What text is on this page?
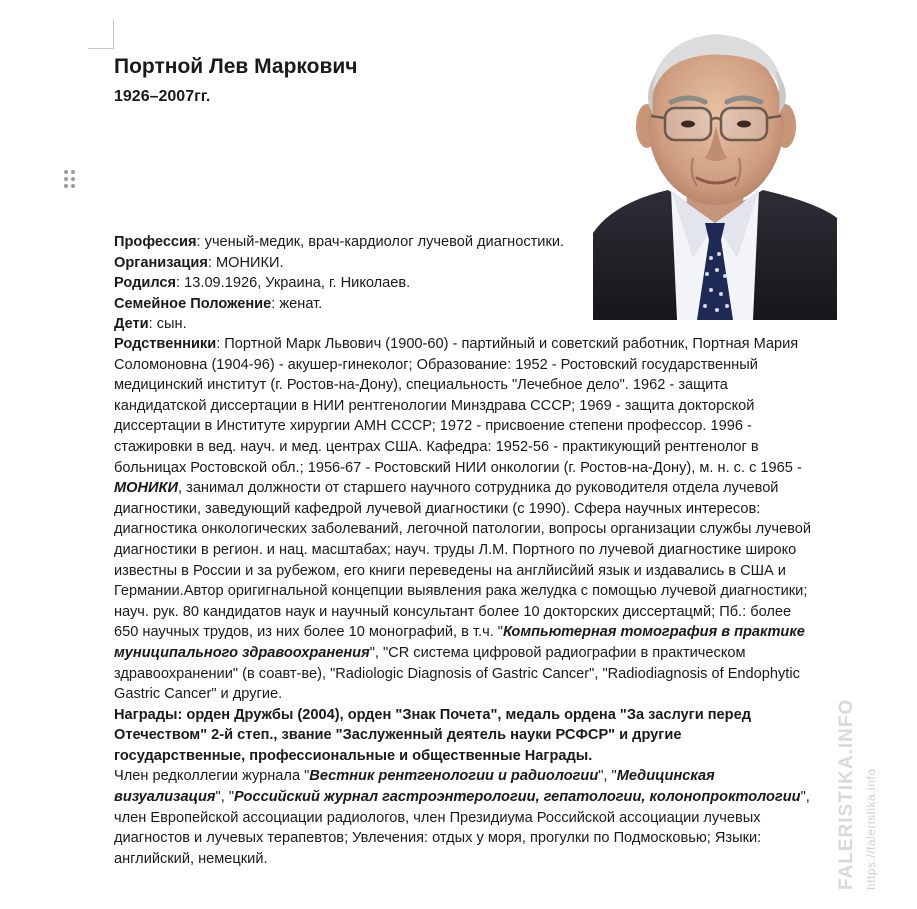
Портной Лев Маркович
1926–2007гг.
Профессия: ученый-медик, врач-кардиолог лучевой диагностики.
Организация: МОНИКИ.
Родился: 13.09.1926, Украина, г. Николаев.
Семейное Положение: женат.
Дети: сын.

Родственники: Портной Марк Львович (1900-60) - партийный и советский работник, Портная Мария Соломоновна (1904-96) - акушер-гинеколог; Образование: 1952 - Ростовский государственный медицинский институт (г. Ростов-на-Дону), специальность "Лечебное дело". 1962 - защита кандидатской диссертации в НИИ рентгенологии Минздрава СССР; 1969 - защита докторской диссертации в Институте хирургии АМН СССР; 1972 - присвоение степени профессор. 1996 - стажировки в вед. науч. и мед. центрах США. Кафедра: 1952-56 - практикующий рентгенолог в больницах Ростовской обл.; 1956-67 - Ростовский НИИ онкологии (г. Ростов-на-Дону), м. н. с. с 1965 - МОНИКИ, занимал должности от старшего научного сотрудника до руководителя отдела лучевой диагностики, заведующий кафедрой лучевой диагностики (с 1990). Сфера научных интересов: диагностика онкологических заболеваний, легочной патологии, вопросы организации службы лучевой диагностики в регион. и нац. масштабах; науч. труды Л.М. Портного по лучевой диагностике широко известны в России и за рубежом, его книги переведены на англйисйий язык и издавались в США и Германии.Автор оригигнальной концепции выявления рака желудка с помощью лучевой диагностики; науч. рук. 80 кандидатов наук и научный консультант более 10 докторских диссертацмй; Пб.: более 650 научных трудов, из них более 10 монографий, в т.ч. "Компьютерная томография в практике муниципального здравоохранения", "CR система цифровой радиографии в практическом здравоохранении" (в соавт-ве), "Radiologic Diagnosis of Gastric Cancer", "Radiodiagnosis of Endophytic Gastric Cancer" и другие.

Награды: орден Дружбы (2004), орден "Знак Почета", медаль ордена "За заслуги перед Отечеством" 2-й степ., звание "Заслуженный деятель науки РСФСР" и другие государственные, профессиональные и общественные Награды.

Член редколлегии журнала "Вестник рентгенологии и радиологии", "Медицинская визуализация", "Российский журнал гастроэнтерологии, гепатологии, колонопроктологии", член Европейской ассоциации радиологов, член Президиума Российской ассоциации лучевых диагностов и лучевых терапевтов; Увлечения: отдых у моря, прогулки по Подмосковью; Языки: английский, немецкий.	FALERISTIKA.INFO https://faleristika.info
